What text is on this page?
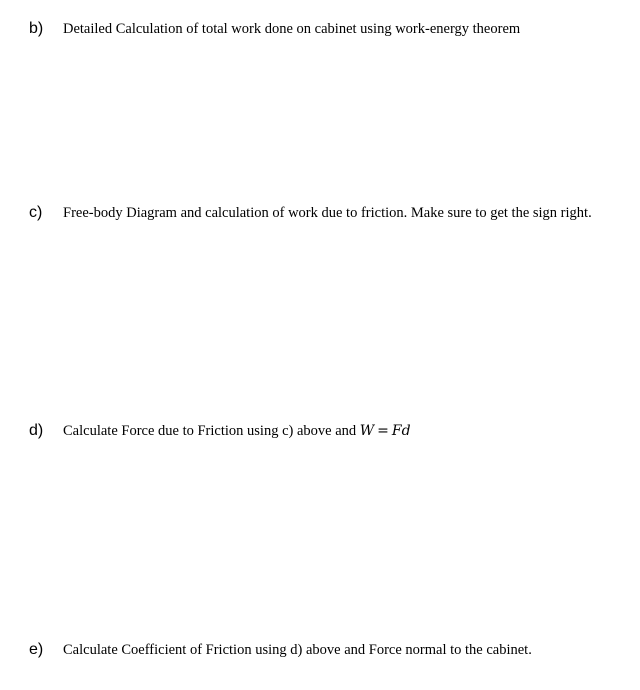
b) Detailed Calculation of total work done on cabinet using work-energy theorem
c) Free-body Diagram and calculation of work due to friction. Make sure to get the sign right.
d) Calculate Force due to Friction using c) above and W = Fd
e) Calculate Coefficient of Friction using d) above and Force normal to the cabinet.
